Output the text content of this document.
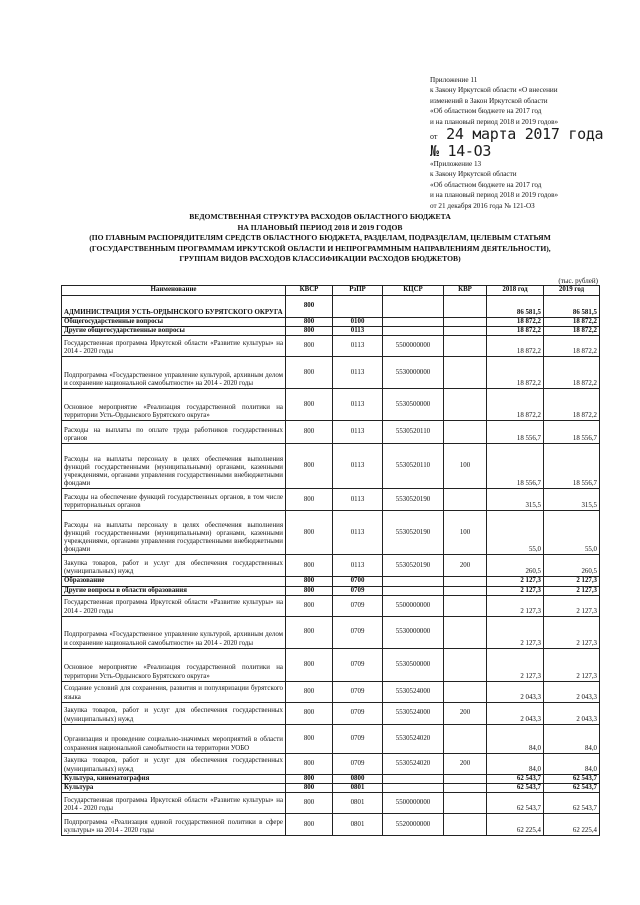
Приложение 11
к Закону Иркутской области «О внесении
изменений в Закон Иркутской области
«Об областном бюджете на 2017 год
и на плановый период 2018 и 2019 годов»
от 24 марта 2017 года
№ 14-ОЗ
«Приложение 13
к Закону Иркутской области
«Об областном бюджете на 2017 год
и на плановый период 2018 и 2019 годов»
от 21 декабря 2016 года № 121-ОЗ
ВЕДОМСТВЕННАЯ СТРУКТУРА РАСХОДОВ ОБЛАСТНОГО БЮДЖЕТА
НА ПЛАНОВЫЙ ПЕРИОД 2018 И 2019 ГОДОВ
(ПО ГЛАВНЫМ РАСПОРЯДИТЕЛЯМ СРЕДСТВ ОБЛАСТНОГО БЮДЖЕТА, РАЗДЕЛАМ, ПОДРАЗДЕЛАМ, ЦЕЛЕВЫМ СТАТЬЯМ
(ГОСУДАРСТВЕННЫМ ПРОГРАММАМ ИРКУТСКОЙ ОБЛАСТИ И НЕПРОГРАММНЫМ НАПРАВЛЕНИЯМ ДЕЯТЕЛЬНОСТИ),
ГРУППАМ ВИДОВ РАСХОДОВ КЛАССИФИКАЦИИ РАСХОДОВ БЮДЖЕТОВ)
(тыс. рублей)
Наименование	КВСР	РзПР	КЦСР	КВР	2018 год	2019 год
АДМИНИСТРАЦИЯ УСТЬ-ОРДЫНСКОГО БУРЯТСКОГО ОКРУГА	800				86 581,5	86 581,5
Общегосударственные вопросы	800	0100			18 872,2	18 872,2
Другие общегосударственные вопросы	800	0113			18 872,2	18 872,2
Государственная программа Иркутской области «Развитие культуры» на 2014 - 2020 годы	800	0113	5500000000		18 872,2	18 872,2
Подпрограмма «Государственное управление культурой, архивным делом и сохранение национальной самобытности» на 2014 - 2020 годы	800	0113	5530000000		18 872,2	18 872,2
Основное мероприятие «Реализация государственной политики на территории Усть-Ордынского Бурятского округа»	800	0113	5530500000		18 872,2	18 872,2
Расходы на выплаты по оплате труда работников государственных органов	800	0113	5530520110		18 556,7	18 556,7
Расходы на выплаты персоналу в целях обеспечения выполнения функций государственными (муниципальными) органами, казенными учреждениями, органами управления государственными внебюджетными фондами	800	0113	5530520110	100	18 556,7	18 556,7
Расходы на обеспечение функций государственных органов, в том числе территориальных органов	800	0113	5530520190		315,5	315,5
Расходы на выплаты персоналу в целях обеспечения выполнения функций государственными (муниципальными) органами, казенными учреждениями, органами управления государственными внебюджетными фондами	800	0113	5530520190	100	55,0	55,0
Закупка товаров, работ и услуг для обеспечения государственных (муниципальных) нужд	800	0113	5530520190	200	260,5	260,5
Образование	800	0700			2 127,3	2 127,3
Другие вопросы в области образования	800	0709			2 127,3	2 127,3
Государственная программа Иркутской области «Развитие культуры» на 2014 - 2020 годы	800	0709	5500000000		2 127,3	2 127,3
Подпрограмма «Государственное управление культурой, архивным делом и сохранение национальной самобытности» на 2014 - 2020 годы	800	0709	5530000000		2 127,3	2 127,3
Основное мероприятие «Реализация государственной политики на территории Усть-Ордынского Бурятского округа»	800	0709	5530500000		2 127,3	2 127,3
Создание условий для сохранения, развития и популяризации бурятского языка	800	0709	5530524000		2 043,3	2 043,3
Закупка товаров, работ и услуг для обеспечения государственных (муниципальных) нужд	800	0709	5530524000	200	2 043,3	2 043,3
Организация и проведение социально-значимых мероприятий в области сохранения национальной самобытности на территории УОБО	800	0709	5530524020		84,0	84,0
Закупка товаров, работ и услуг для обеспечения государственных (муниципальных) нужд	800	0709	5530524020	200	84,0	84,0
Культура, кинематография	800	0800			62 543,7	62 543,7
Культура	800	0801			62 543,7	62 543,7
Государственная программа Иркутской области «Развитие культуры» на 2014 - 2020 годы	800	0801	5500000000		62 543,7	62 543,7
Подпрограмма «Реализация единой государственной политики в сфере культуры» на 2014 - 2020 годы	800	0801	5520000000		62 225,4	62 225,4
